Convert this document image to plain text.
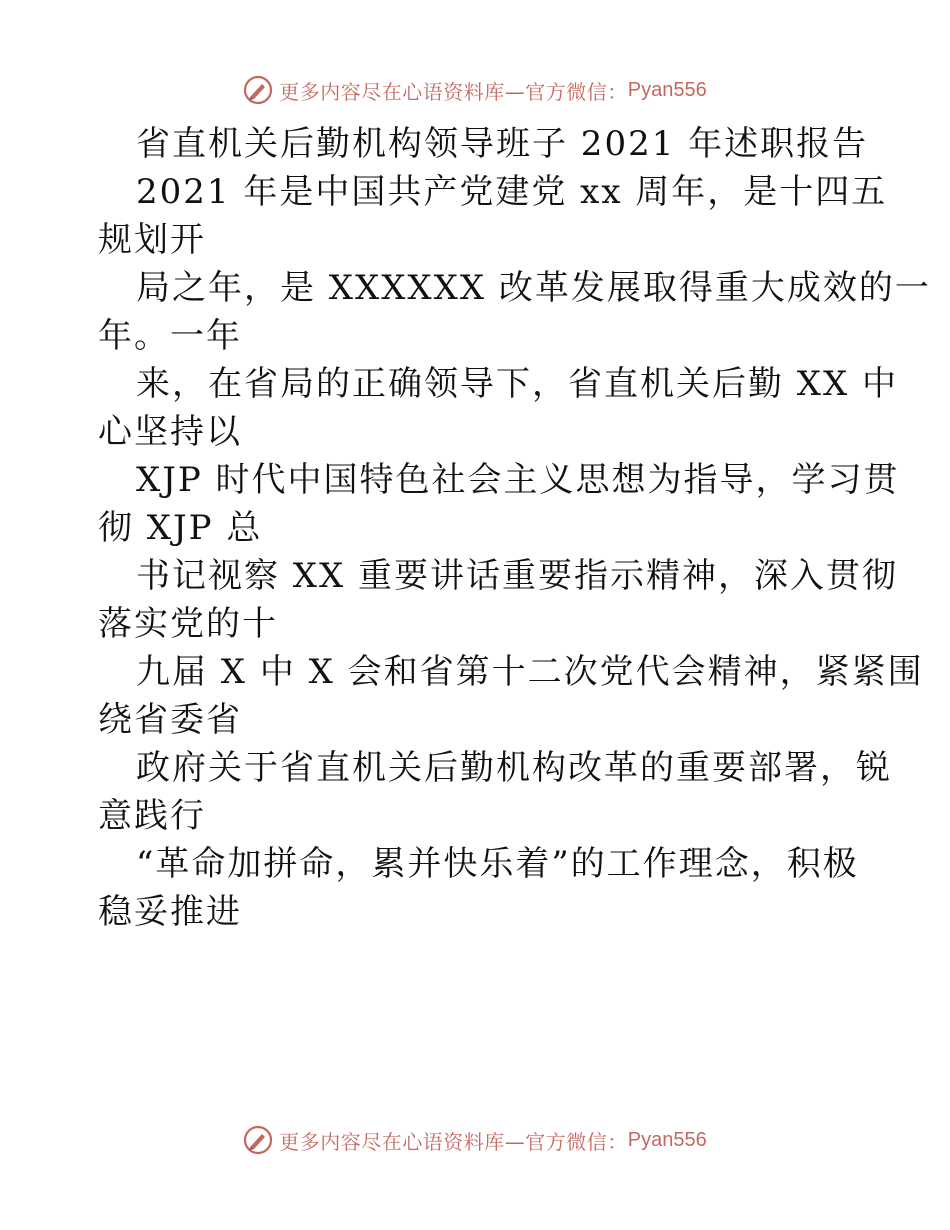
更多内容尽在心语资料库—官方微信： Pyan556
省直机关后勤机构领导班子 2021 年述职报告
2021 年是中国共产党建党 xx 周年，是十四五
规划开
局之年，是 XXXXXX 改革发展取得重大成效的一
年。一年
来，在省局的正确领导下，省直机关后勤 XX 中
心坚持以
XJP 时代中国特色社会主义思想为指导，学习贯
彻 XJP 总
书记视察 XX 重要讲话重要指示精神，深入贯彻
落实党的十
九届 X 中 X 会和省第十二次党代会精神，紧紧围
绕省委省
政府关于省直机关后勤机构改革的重要部署，锐
意践行
“革命加拼命，累并快乐着”的工作理念，积极
稳妥推进
更多内容尽在心语资料库—官方微信： Pyan556
